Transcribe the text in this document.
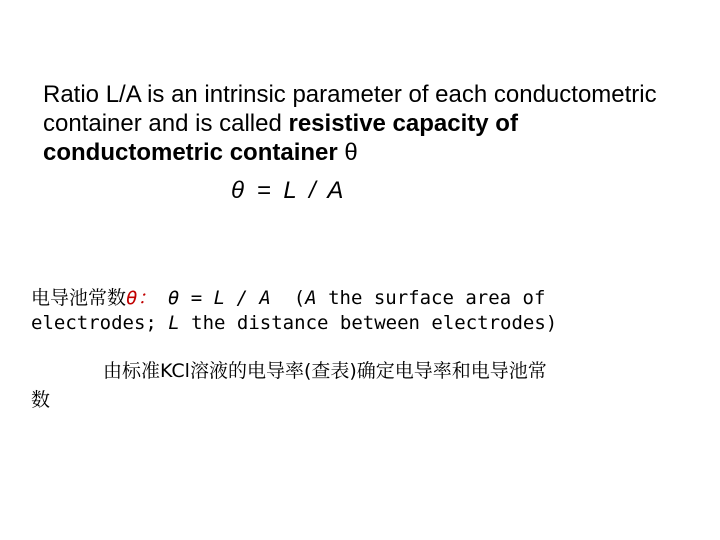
Ratio L/A is an intrinsic parameter of each conductometric container and is called resistive capacity of conductometric container θ
θ = L / A
电导池常数θ： θ = L / A  (A the surface area of
electrodes; L the distance between electrodes)
由标准KCl溶液的电导率(查表)确定电导率和电导池常
数
